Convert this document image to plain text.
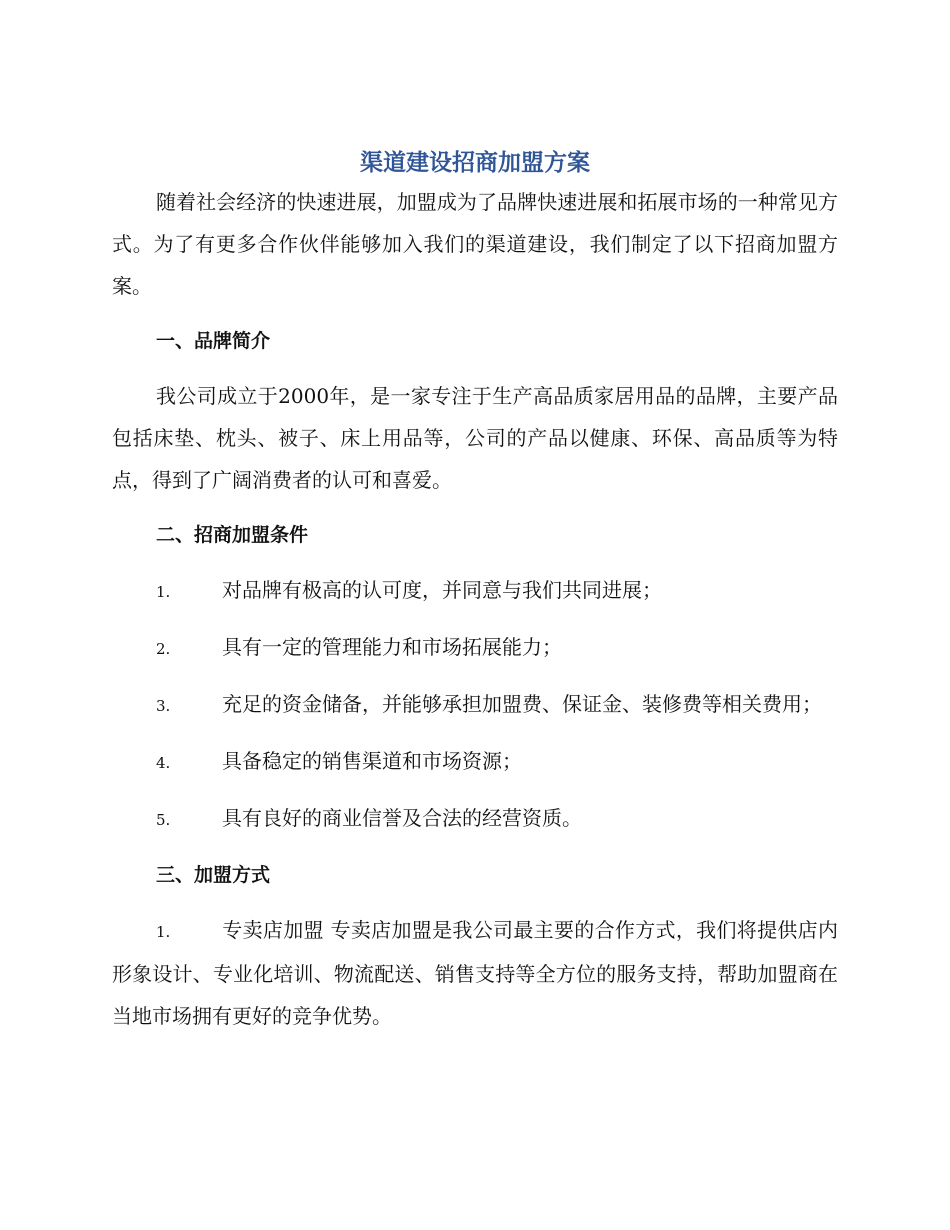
渠道建设招商加盟方案

随着社会经济的快速进展，加盟成为了品牌快速进展和拓展市场的一种常见方式。为了有更多合作伙伴能够加入我们的渠道建设，我们制定了以下招商加盟方案。

一、品牌简介

我公司成立于2000年，是一家专注于生产高品质家居用品的品牌，主要产品包括床垫、枕头、被子、床上用品等，公司的产品以健康、环保、高品质等为特点，得到了广阔消费者的认可和喜爱。

二、招商加盟条件

1.	对品牌有极高的认可度，并同意与我们共同进展；

2.	具有一定的管理能力和市场拓展能力；

3.	充足的资金储备，并能够承担加盟费、保证金、装修费等相关费用；

4.	具备稳定的销售渠道和市场资源；

5.	具有良好的商业信誉及合法的经营资质。

三、加盟方式

1.	专卖店加盟 专卖店加盟是我公司最主要的合作方式，我们将提供店内形象设计、专业化培训、物流配送、销售支持等全方位的服务支持，帮助加盟商在当地市场拥有更好的竞争优势。
